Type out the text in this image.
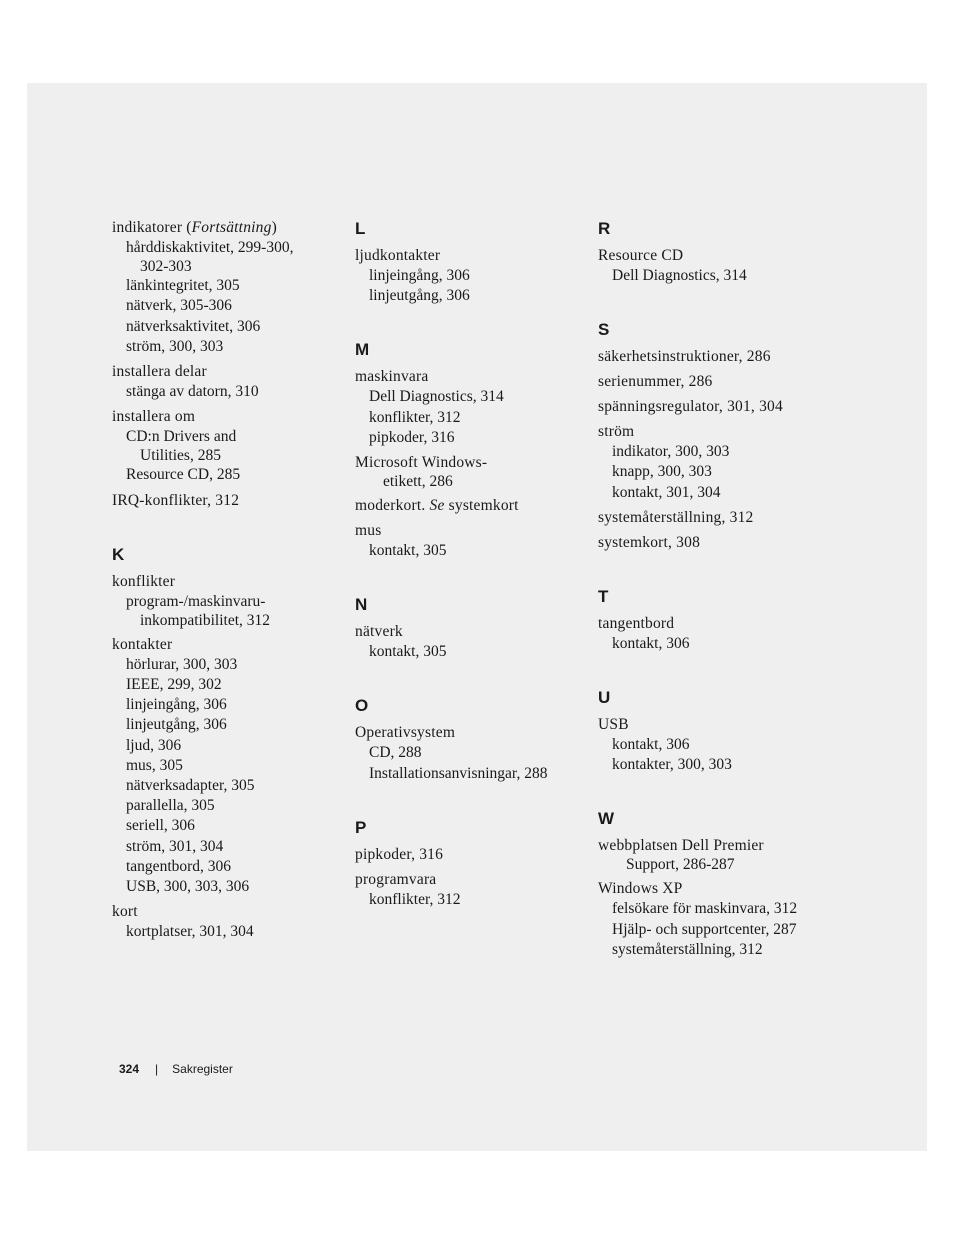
indikatorer (Fortsättning)
hårddiskaktivitet, 299-300,
302-303
länkintegritet, 305
nätverk, 305-306
nätverksaktivitet, 306
ström, 300, 303
installera delar
stänga av datorn, 310
installera om
CD:n Drivers and
Utilities, 285
Resource CD, 285
IRQ-konflikter, 312
K
konflikter
program-/maskinvaru-
inkompatibilitet, 312
kontakter
hörlurar, 300, 303
IEEE, 299, 302
linjeingång, 306
linjeutgång, 306
ljud, 306
mus, 305
nätverksadapter, 305
parallella, 305
seriell, 306
ström, 301, 304
tangentbord, 306
USB, 300, 303, 306
kort
kortplatser, 301, 304
L
ljudkontakter
linjeingång, 306
linjeutgång, 306
M
maskinvara
Dell Diagnostics, 314
konflikter, 312
pipkoder, 316
Microsoft Windows-
etikett, 286
moderkort. Se systemkort
mus
kontakt, 305
N
nätverk
kontakt, 305
O
Operativsystem
CD, 288
Installationsanvisningar, 288
P
pipkoder, 316
programvara
konflikter, 312
R
Resource CD
Dell Diagnostics, 314
S
säkerhetsinstruktioner, 286
serienummer, 286
spänningsregulator, 301, 304
ström
indikator, 300, 303
knapp, 300, 303
kontakt, 301, 304
systemåterställning, 312
systemkort, 308
T
tangentbord
kontakt, 306
U
USB
kontakt, 306
kontakter, 300, 303
W
webbplatsen Dell Premier
Support, 286-287
Windows XP
felsökare för maskinvara, 312
Hjälp- och supportcenter, 287
systemåterställning, 312
324 | Sakregister
